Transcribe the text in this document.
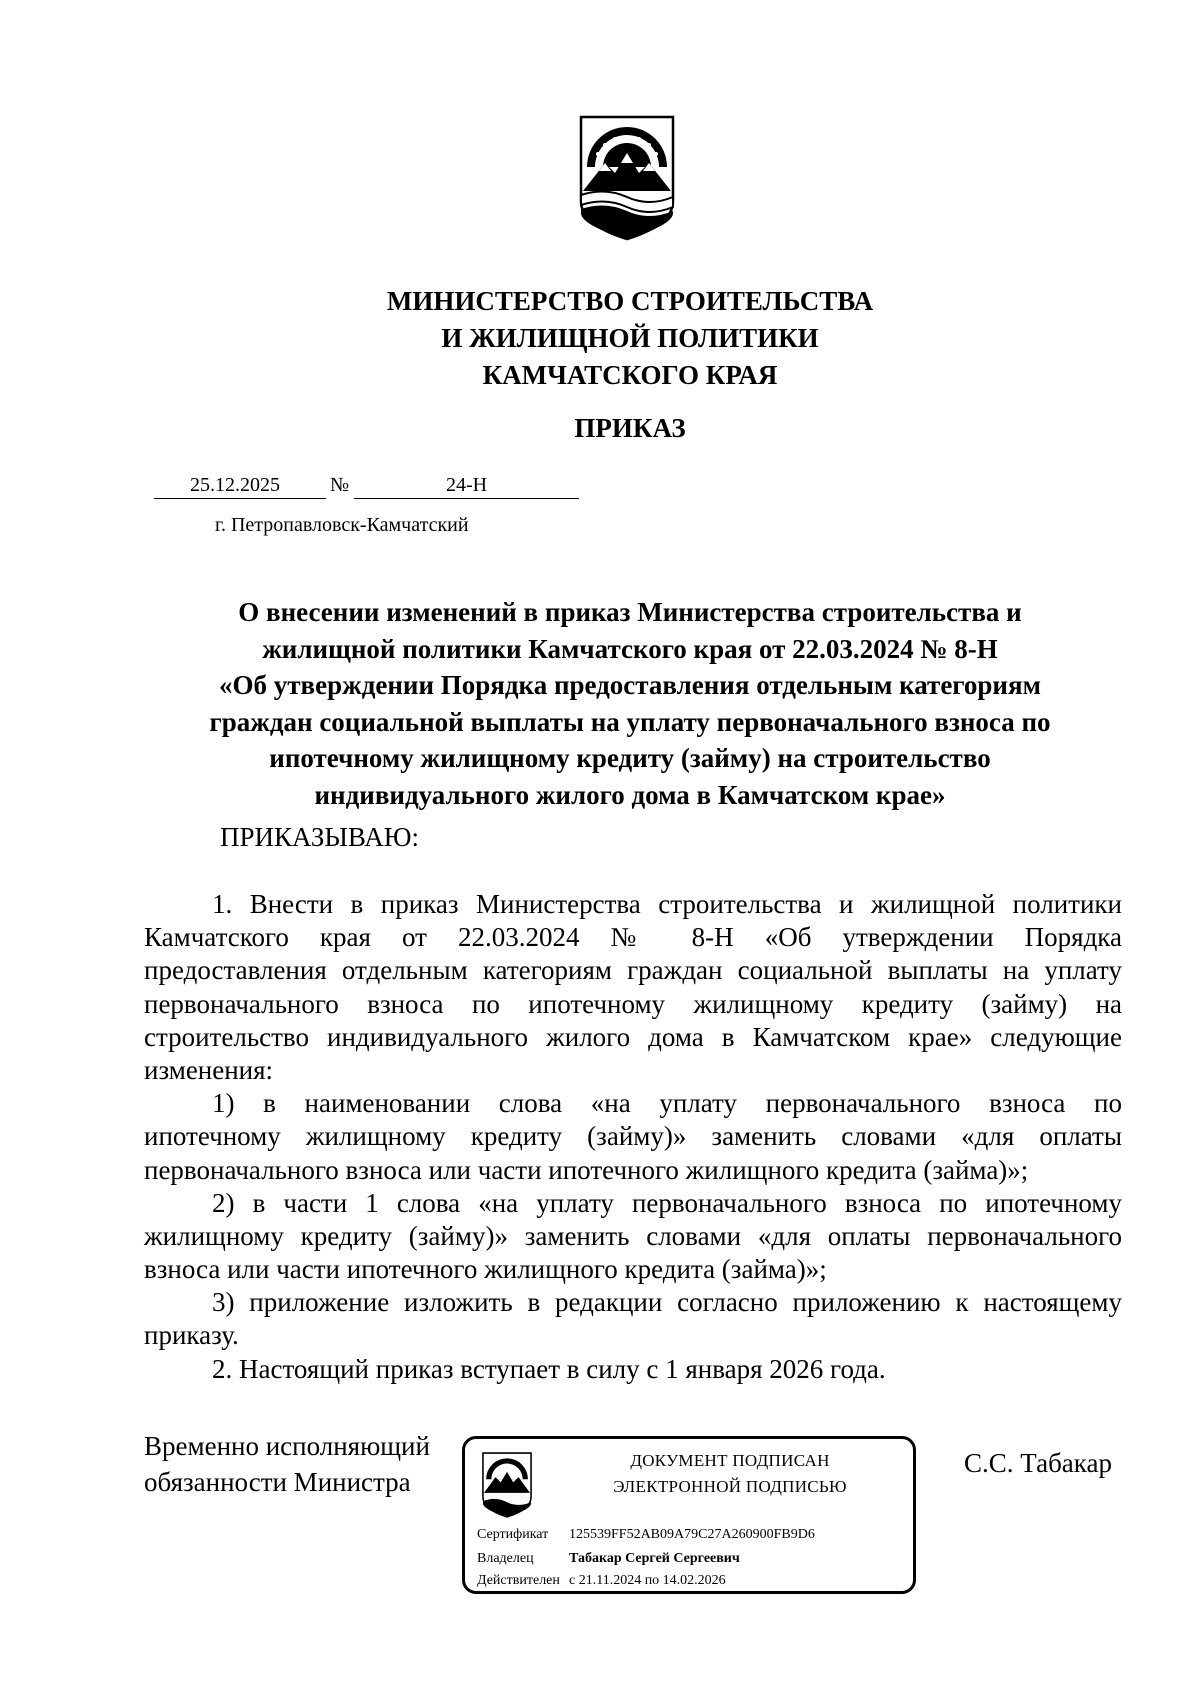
МИНИСТЕРСТВО СТРОИТЕЛЬСТВА
И ЖИЛИЩНОЙ ПОЛИТИКИ
КАМЧАТСКОГО КРАЯ
ПРИКАЗ
25.12.2025	№	24-Н
г. Петропавловск-Камчатский
О внесении изменений в приказ Министерства строительства и
жилищной политики Камчатского края от 22.03.2024 № 8-Н
«Об утверждении Порядка предоставления отдельным категориям
граждан социальной выплаты на уплату первоначального взноса по
ипотечному жилищному кредиту (займу) на строительство
индивидуального жилого дома в Камчатском крае»
ПРИКАЗЫВАЮ:
1. Внести в приказ Министерства строительства и жилищной политики
Камчатского края от 22.03.2024 № 8-Н «Об утверждении Порядка
предоставления отдельным категориям граждан социальной выплаты на уплату
первоначального взноса по ипотечному жилищному кредиту (займу) на
строительство индивидуального жилого дома в Камчатском крае» следующие
изменения:
1) в наименовании слова «на уплату первоначального взноса по
ипотечному жилищному кредиту (займу)» заменить словами «для оплаты
первоначального взноса или части ипотечного жилищного кредита (займа)»;
2) в части 1 слова «на уплату первоначального взноса по ипотечному
жилищному кредиту (займу)» заменить словами «для оплаты первоначального
взноса или части ипотечного жилищного кредита (займа)»;
3) приложение изложить в редакции согласно приложению к настоящему
приказу.
2. Настоящий приказ вступает в силу с 1 января 2026 года.
Временно исполняющий
обязанности Министра
ДОКУМЕНТ ПОДПИСАН
ЭЛЕКТРОННОЙ ПОДПИСЬЮ
Сертификат 125539FF52AB09A79C27A260900FB9D6
Владелец	Табакар Сергей Сергеевич
Действителен с 21.11.2024 по 14.02.2026
С.С. Табакар
